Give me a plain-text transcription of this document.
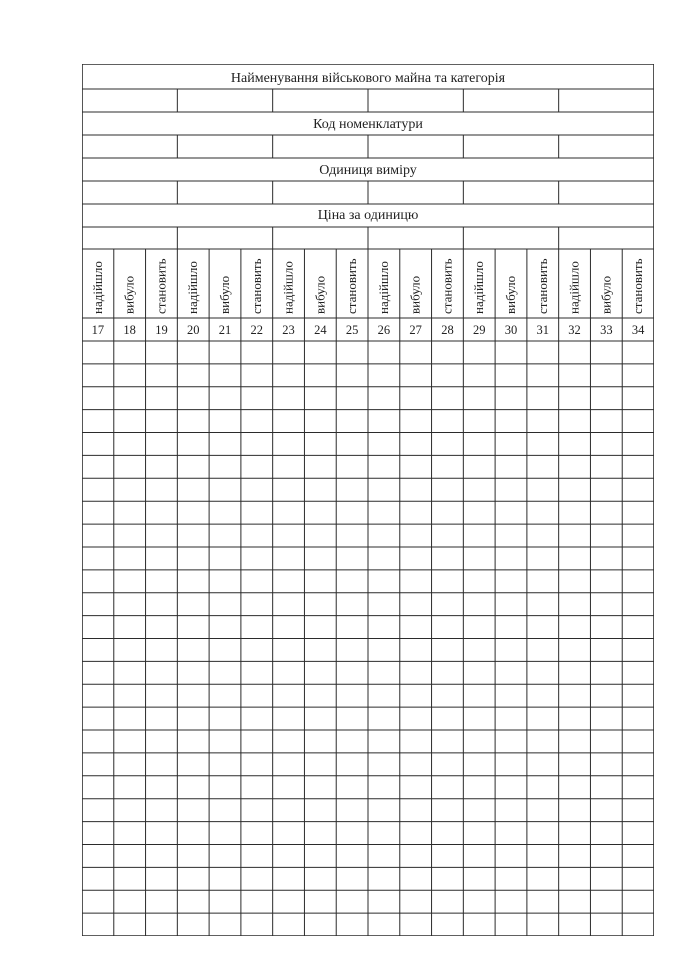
Найменування військового майна та категорія
Код номенклатури
Одиниця виміру
Ціна за одиницю
надійшло вибуло становить надійшло вибуло становить надійшло вибуло становить надійшло вибуло становить надійшло вибуло становить надійшло вибуло становить
17 18 19 20 21 22 23 24 25 26 27 28 29 30 31 32 33 34
